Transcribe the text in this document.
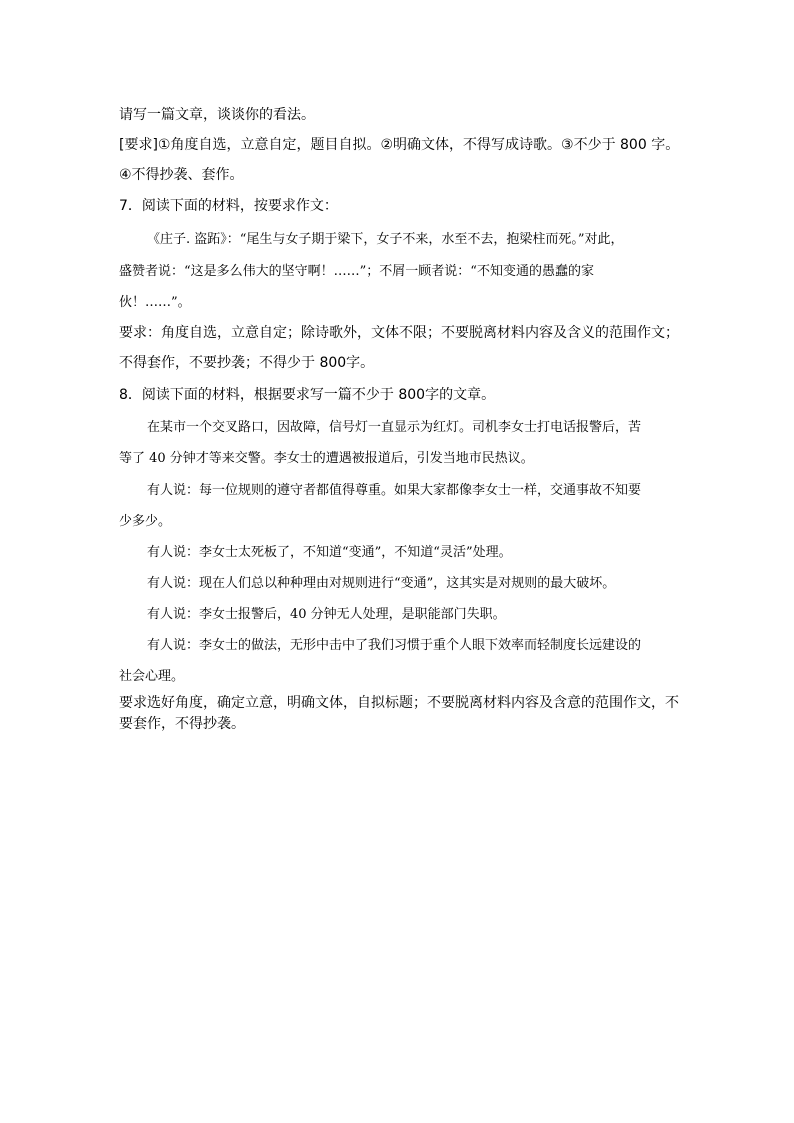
请写一篇文章，谈谈你的看法。
[要求]①角度自选，立意自定，题目自拟。②明确文体，不得写成诗歌。③不少于 800 字。
④不得抄袭、套作。
7．阅读下面的材料，按要求作文：
《庄子. 盗跖》：“尾生与女子期于梁下，女子不来，水至不去，抱梁柱而死。”对此，
盛赞者说：“这是多么伟大的坚守啊！……”；不屑一顾者说：“不知变通的愚蠢的家
伙！……”。
要求：角度自选，立意自定；除诗歌外，文体不限；不要脱离材料内容及含义的范围作文；
不得套作，不要抄袭；不得少于 800字。
8．阅读下面的材料，根据要求写一篇不少于 800字的文章。
在某市一个交叉路口，因故障，信号灯一直显示为红灯。司机李女士打电话报警后，苦
等了 40 分钟才等来交警。李女士的遭遇被报道后，引发当地市民热议。
有人说：每一位规则的遵守者都值得尊重。如果大家都像李女士一样，交通事故不知要
少多少。
有人说：李女士太死板了，不知道“变通”，不知道“灵活”处理。
有人说：现在人们总以种种理由对规则进行“变通”，这其实是对规则的最大破坏。
有人说：李女士报警后，40 分钟无人处理，是职能部门失职。
有人说：李女士的做法，无形中击中了我们习惯于重个人眼下效率而轻制度长远建设的
社会心理。
要求选好角度，确定立意，明确文体，自拟标题；不要脱离材料内容及含意的范围作文，不
要套作，不得抄袭。
